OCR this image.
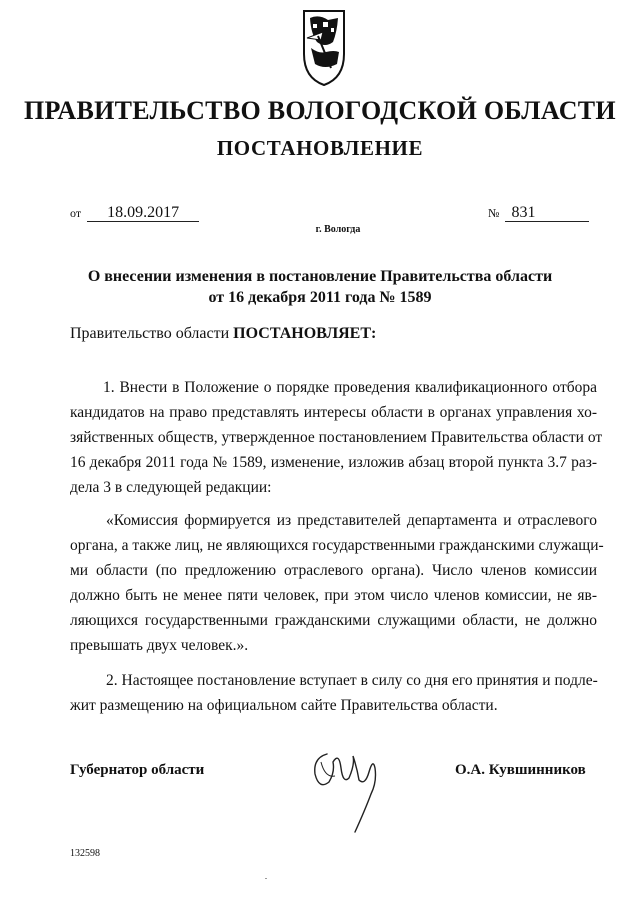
ПРАВИТЕЛЬСТВО ВОЛОГОДСКОЙ ОБЛАСТИ
ПОСТАНОВЛЕНИЕ
от 18.09.2017	№ 831
г. Вологда
О внесении изменения в постановление Правительства области
от 16 декабря 2011 года № 1589
Правительство области ПОСТАНОВЛЯЕТ:
1. Внести в Положение о порядке проведения квалификационного отбора
кандидатов на право представлять интересы области в органах управления хо-
зяйственных обществ, утвержденное постановлением Правительства области от
16 декабря 2011 года № 1589, изменение, изложив абзац второй пункта 3.7 раз-
дела 3 в следующей редакции:
«Комиссия формируется из представителей департамента и отраслевого
органа, а также лиц, не являющихся государственными гражданскими служащи-
ми области (по предложению отраслевого органа). Число членов комиссии
должно быть не менее пяти человек, при этом число членов комиссии, не яв-
ляющихся государственными гражданскими служащими области, не должно
превышать двух человек.».
2. Настоящее постановление вступает в силу со дня его принятия и подле-
жит размещению на официальном сайте Правительства области.
Губернатор области	О.А. Кувшинников
132598
